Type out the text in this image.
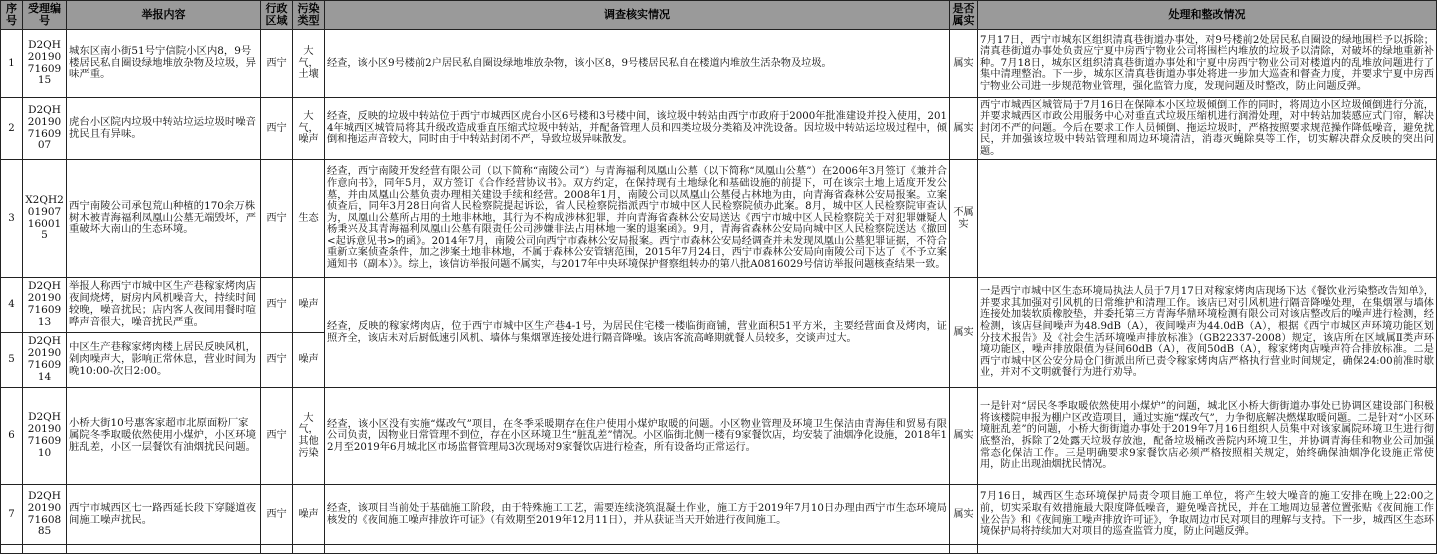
序号	受理编号	举报内容	行政区域	污染类型	调查核实情况	是否属实	处理和整改情况
1	D2QH201907160915	城东区南小街51号宁信院小区内8，9号楼居民私自圈设绿地堆放杂物及垃圾，异味严重。	西宁	大气，土壤	经查，该小区9号楼前2户居民私自圈设绿地堆放杂物，该小区8，9号楼居民私自在楼道内堆放生活杂物及垃圾。	属实	7月17日，西宁市城东区组织清真巷街道办事处，对9号楼前2处居民私自圈设的绿地围栏予以拆除；清真巷街道办事处负责应宁夏中房西宁物业公司将围栏内堆放的垃圾予以清除，对破坏的绿地重新补种。7月18日，城东区组织清真巷街道办事处和宁夏中房西宁物业公司对楼道内的乱堆放问题进行了集中清理整治。下一步，城东区清真巷街道办事处将进一步加大巡查和督查力度，并要求宁夏中房西宁物业公司进一步规范物业管理，强化监管力度，发现问题及时整改，防止问题反弹。
2	D2QH201907160907	虎台小区院内垃圾中转站垃运垃圾时噪音扰民且有异味。	西宁	大气，噪声	经查，反映的垃圾中转站位于西宁市城西区虎台小区6号楼和3号楼中间，该垃圾中转站由西宁市政府于2000年批准建设并投入使用，2014年城西区城管局将其升级改造成垂直压缩式垃圾中转站，并配备管理人员和四类垃圾分类箱及冲洗设备。因垃圾中转站运垃圾过程中，倾倒和拖运声音较大，同时由于中转站封闭不严，导致垃圾异味散发。	属实	西宁市城西区城管局于7月16日在保障本小区垃圾倾倒工作的同时，将周边小区垃圾倾倒进行分流，并要求城西区市政公用服务中心对垂直式垃圾压缩机进行润滑处理，对中转站加装感应式门帘，解决封闭不严的问题。今后在要求工作人员倾倒、拖运垃圾时，严格按照要求规范操作降低噪音，避免扰民，并加强该垃圾中转站管理和周边环境清洁，消毒灭蝇除臭等工作，切实解决群众反映的突出问题。
3	X2QH201907160015	西宁南陵公司承包荒山种植的170余万株树木被青海福利凤凰山公墓无端毁坏，严重破坏大南山的生态环境。	西宁	生态	经查，西宁南陵开发经营有限公司（以下简称“南陵公司”）与青海福利凤凰山公墓（以下简称“凤凰山公墓”）在2006年3月签订《兼并合作意向书》，同年5月，双方签订《合作经营协议书》。双方约定，在保持现有土地绿化和基础设施的前提下，可在该宗土地上适度开发公墓，并由凤凰山公墓负责办理相关建设手续和经营。2008年1月，南陵公司以凤凰山公墓侵占林地为由，向青海省森林公安局报案。立案侦查后，同年3月28日向省人民检察院提起诉讼，省人民检察院指派西宁市城中区人民检察院侦办此案。8月，城中区人民检察院审查认为，凤凰山公墓所占用的土地非林地，其行为不构成涉林犯罪，并向青海省森林公安局送达《西宁市城中区人民检察院关于对犯罪嫌疑人杨秉兴及其青海福利凤凰山公墓有限责任公司涉嫌非法占用林地一案的退案函》。9月，青海省森林公安局向城中区人民检察院送达《撤回<起诉意见书>的函》。2014年7月，南陵公司向西宁市森林公安局报案。西宁市森林公安局经调查并未发现凤凰山公墓犯罪证据，不符合重新立案侦查条件，加之涉案土地非林地，不属于森林公安管辖范围，2015年7月24日，西宁市森林公安局向南陵公司下达了《不予立案通知书（副本）》。综上，该信访举报问题不属实，与2017年中央环境保护督察组转办的第八批A0816029号信访举报问题核查结果一致。	不属实	
4	D2QH201907160913	举报人称西宁市城中区生产巷稼家烤肉店夜间烧烤，厨房内风机噪音大，持续时间较晚，噪音扰民；店内客人夜间用餐时喧哗声音很大，噪音扰民严重。	西宁	噪声	经查，反映的稼家烤肉店，位于西宁市城中区生产巷4-1号，为居民住宅楼一楼临街商铺，营业面积51平方米，主要经营面食及烤肉，证照齐全，该店未对后厨低速引风机、墙体与集烟罩连接处进行隔音降噪。该店客流高峰期就餐人员较多，交谈声过大。	属实	一是西宁市城中区生态环境局执法人员于7月17日对稼家烤肉店现场下达《餐饮业污染整改告知单》，并要求其加强对引风机的日常维护和清理工作。该店已对引风机进行隔音降噪处理，在集烟罩与墙体连接处加装软质橡胶垫，并委托第三方青海华鼎环境检测有限公司对该店整改后的噪声进行检测，经检测，该店昼间噪声为48.9dB（A），夜间噪声为44.0dB（A），根据《西宁市城区声环境功能区划分技术报告》及《社会生活环境噪声排放标准》（GB22337-2008）规定，该店所在区域属Ⅱ类声环境功能区，噪声排放限值为昼间60dB（A），夜间50dB（A），稼家烤肉店噪声符合排放标准。二是西宁市城中区公安分局仓门街派出所已责令稼家烤肉店严格执行营业时间规定，确保24:00前准时歇业，并对不文明就餐行为进行劝导。
5	D2QH201907160914	中区生产巷稼家烤肉楼上居民反映风机，剁肉噪声大，影响正常休息，营业时间为晚10:00-次日2:00。	西宁	噪声			
6	D2QH201907160910	小桥大街10号惠客家超市北原面粉厂家属院冬季取暖依然使用小煤炉，小区环境脏乱差，小区一层餐饮有油烟扰民问题。	西宁	大气，其他污染	经查，该小区没有实施“煤改气”项目，在冬季采暖期存在住户使用小煤炉取暖的问题。小区物业管理及环境卫生保洁由青海佳和贸易有限公司负责，因物业日常管理不到位，存在小区环境卫生“脏乱差”情况。小区临街北侧一楼有9家餐饮店，均安装了油烟净化设施，2018年12月至2019年6月城北区市场监督管理局3次现场对9家餐饮店进行检查，所有设备均正常运行。	属实	一是针对“居民冬季取暖依然使用小煤炉”的问题，城北区小桥大街街道办事处已协调区建设部门积极将该楼院申报为棚户区改造项目，通过实施“煤改气”，力争彻底解决燃煤取暖问题。二是针对“小区环境脏乱差”的问题，小桥大街街道办事处于2019年7月16日组织人员集中对该家属院环境卫生进行彻底整治，拆除了2处露天垃圾存放池，配备垃圾桶改善院内环境卫生，并协调青海佳和物业公司加强常态化保洁工作。三是明确要求9家餐饮店必须严格按照相关规定，始终确保油烟净化设施正常使用，防止出现油烟扰民情况。
7	D2QH201907160885	西宁市城西区七一路西延长段下穿隧道夜间施工噪声扰民。	西宁	噪声	经查，该项目当前处于基础施工阶段，由于特殊施工工艺，需要连续浇筑混凝土作业，施工方于2019年7月10日办理由西宁市生态环境局核发的《夜间施工噪声排放许可证》（有效期至2019年12月11日），并从获证当天开始进行夜间施工。	属实	7月16日，城西区生态环境保护局责令项目施工单位，将产生较大噪音的施工安排在晚上22:00之前，切实采取有效措施最大限度降低噪音，避免噪音扰民，并在工地周边显著位置张贴《夜间施工作业公告》和《夜间施工噪声排放许可证》，争取周边市民对项目的理解与支持。下一步，城西区生态环境保护局将持续加大对项目的巡查监管力度，防止问题反弹。
